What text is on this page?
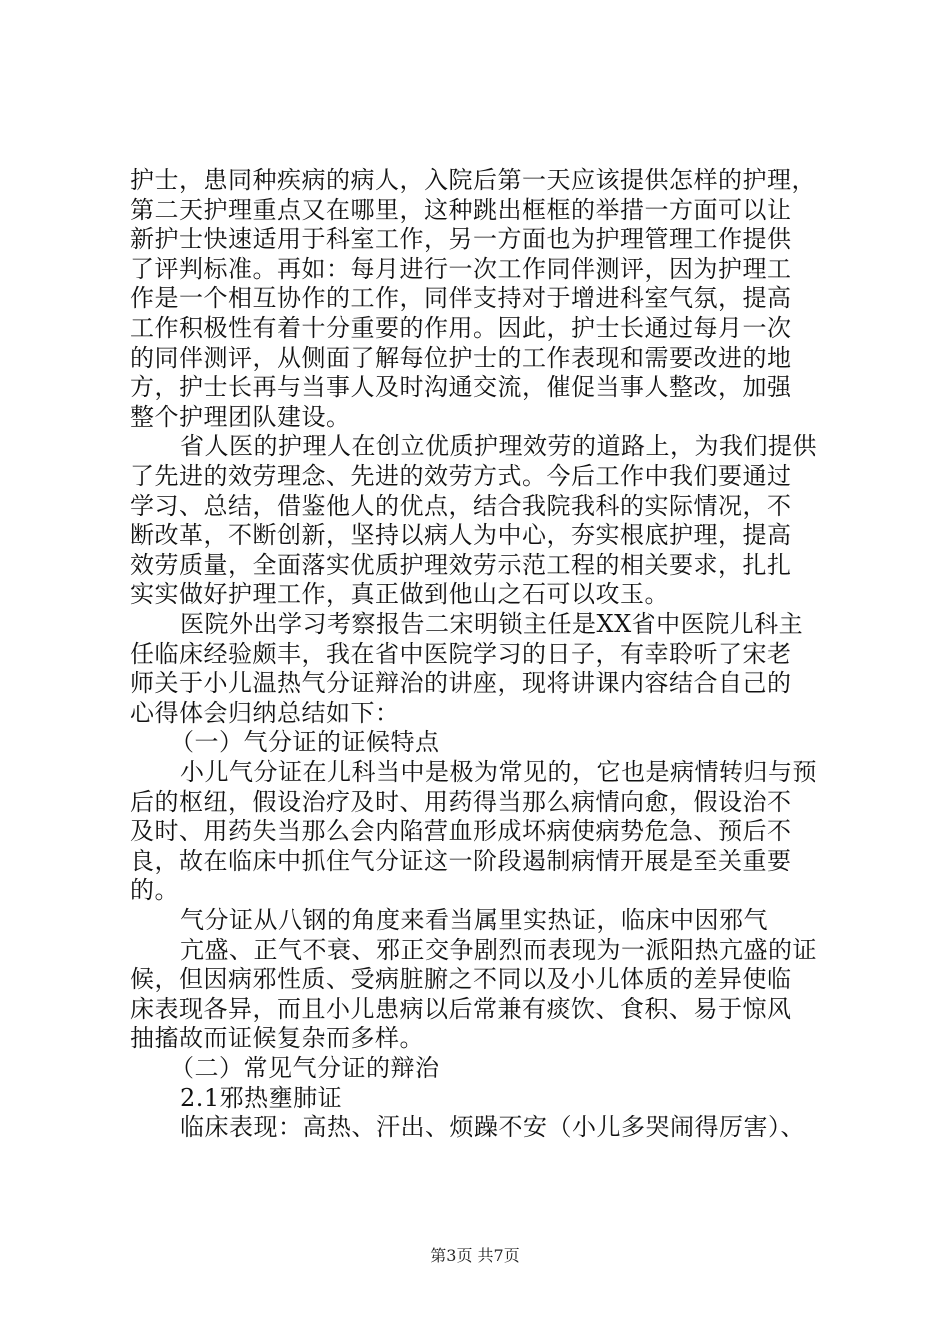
护士，患同种疾病的病人，入院后第一天应该提供怎样的护理，
第二天护理重点又在哪里，这种跳出框框的举措一方面可以让
新护士快速适用于科室工作，另一方面也为护理管理工作提供
了评判标准。再如：每月进行一次工作同伴测评，因为护理工
作是一个相互协作的工作，同伴支持对于增进科室气氛，提高
工作积极性有着十分重要的作用。因此，护士长通过每月一次
的同伴测评，从侧面了解每位护士的工作表现和需要改进的地
方，护士长再与当事人及时沟通交流，催促当事人整改，加强
整个护理团队建设。
省人医的护理人在创立优质护理效劳的道路上，为我们提供
了先进的效劳理念、先进的效劳方式。今后工作中我们要通过
学习、总结，借鉴他人的优点，结合我院我科的实际情况，不
断改革，不断创新，坚持以病人为中心，夯实根底护理，提高
效劳质量，全面落实优质护理效劳示范工程的相关要求，扎扎
实实做好护理工作，真正做到他山之石可以攻玉。
医院外出学习考察报告二宋明锁主任是XX省中医院儿科主
任临床经验颇丰，我在省中医院学习的日子，有幸聆听了宋老
师关于小儿温热气分证辩治的讲座，现将讲课内容结合自己的
心得体会归纳总结如下：
（一）气分证的证候特点
小儿气分证在儿科当中是极为常见的，它也是病情转归与预
后的枢纽，假设治疗及时、用药得当那么病情向愈，假设治不
及时、用药失当那么会内陷营血形成坏病使病势危急、预后不
良，故在临床中抓住气分证这一阶段遏制病情开展是至关重要
的。
气分证从八钢的角度来看当属里实热证，临床中因邪气
亢盛、正气不衰、邪正交争剧烈而表现为一派阳热亢盛的证
候，但因病邪性质、受病脏腑之不同以及小儿体质的差异使临
床表现各异，而且小儿患病以后常兼有痰饮、食积、易于惊风
抽搐故而证候复杂而多样。
（二）常见气分证的辩治
2.1邪热壅肺证
临床表现：高热、汗出、烦躁不安（小儿多哭闹得厉害）、
第3页 共7页
